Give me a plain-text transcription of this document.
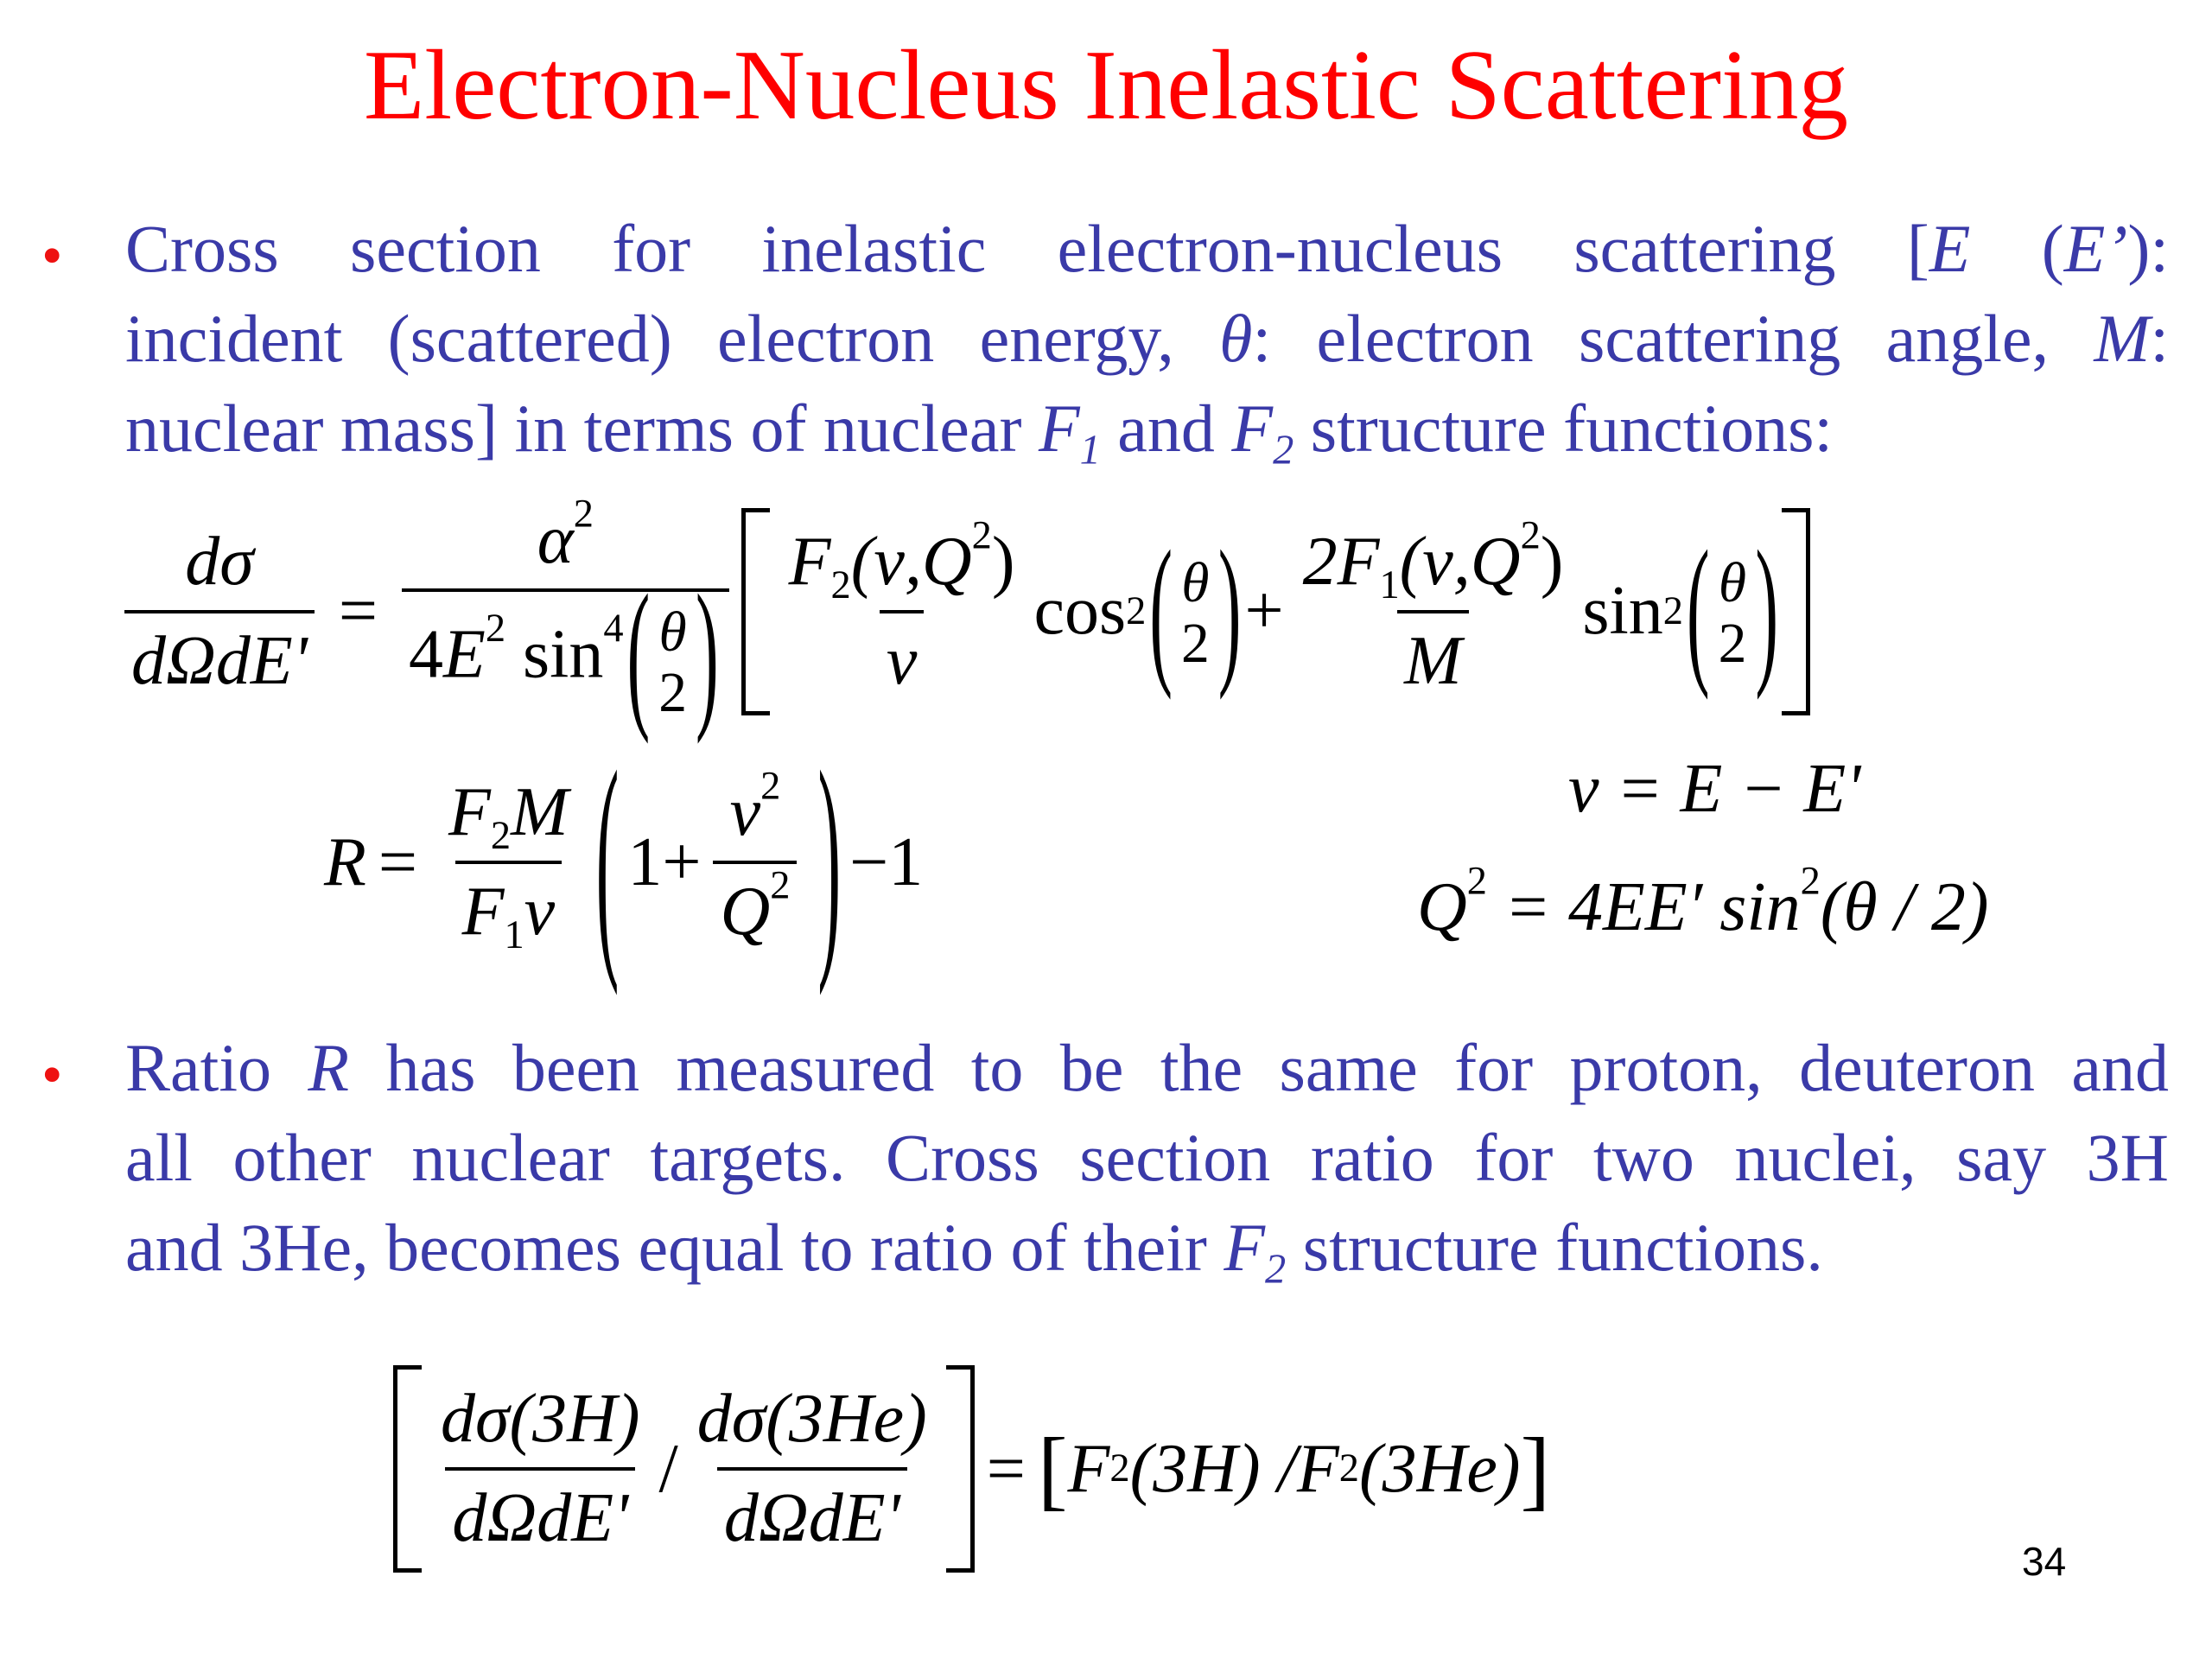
Electron-Nucleus Inelastic Scattering
• Cross section for inelastic electron-nucleus scattering [E (E’):
incident (scattered) electron energy, θ: electron scattering angle, M:
nuclear mass] in terms of nuclear $F_1$ and $F_2$ structure functions:
$\frac{d\sigma}{\text{dΩdE'}} = \alpha^2$
$4E^2$ $\sin^4$( θ
2 ) $\frac{F_2(\nu,Q^2)}{\nu}$ cos 2 ( θ
2 ) + $\frac{2F_1(\nu,Q^2)}{M}$ sin 2 ( θ
2 )
$R = \frac{F_2M}{F_1\nu}$ ( $1 + \frac{\nu^2}{Q^2}$ ) −1
ν = E − E'
$Q^2 = 4EE'$ $\sin^2(\theta / 2)$
• Ratio R has been measured to be the same for proton, deuteron and
all other nuclear targets. Cross section ratio for two nuclei, say 3H
and 3He, becomes equal to ratio of their $F_2$ structure functions.
$\frac{d\sigma(3H)}{\text{dΩdE'}} / \frac{d\sigma(3He)}{\text{dΩdE'}}$ = [ F 2 (3H) / F 2 (3He) ]
34
